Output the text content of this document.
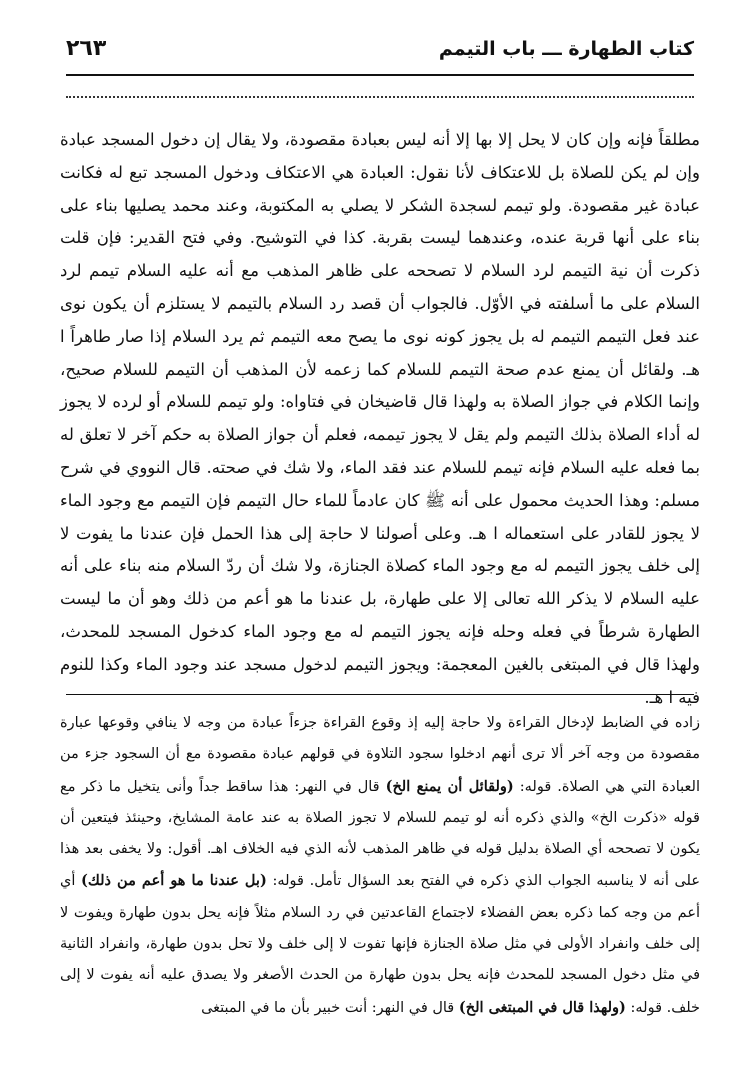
كتاب الطهارة ـــ باب التيمم
٢٦٣

مطلقاً فإنه وإن كان لا يحل إلا بها إلا أنه ليس بعبادة مقصودة، ولا يقال إن دخول المسجد عبادة وإن لم يكن للصلاة بل للاعتكاف لأنا نقول: العبادة هي الاعتكاف ودخول المسجد تبع له فكانت عبادة غير مقصودة. ولو تيمم لسجدة الشكر لا يصلي به المكتوبة، وعند محمد يصليها بناء على بناء على أنها قربة عنده، وعندهما ليست بقربة. كذا في التوشيح. وفي فتح القدير: فإن قلت ذكرت أن نية التيمم لرد السلام لا تصححه على ظاهر المذهب مع أنه عليه السلام تيمم لرد السلام على ما أسلفته في الأوّل. فالجواب أن قصد رد السلام بالتيمم لا يستلزم أن يكون نوى عند فعل التيمم التيمم له بل يجوز كونه نوى ما يصح معه التيمم ثم يرد السلام إذا صار طاهراً ا هـ. ولقائل أن يمنع عدم صحة التيمم للسلام كما زعمه لأن المذهب أن التيمم للسلام صحيح، وإنما الكلام في جواز الصلاة به ولهذا قال قاضيخان في فتاواه: ولو تيمم للسلام أو لرده لا يجوز له أداء الصلاة بذلك التيمم ولم يقل لا يجوز تيممه، فعلم أن جواز الصلاة به حكم آخر لا تعلق له بما فعله عليه السلام فإنه تيمم للسلام عند فقد الماء، ولا شك في صحته. قال النووي في شرح مسلم: وهذا الحديث محمول على أنه ﷺ كان عادماً للماء حال التيمم فإن التيمم مع وجود الماء لا يجوز للقادر على استعماله ا هـ. وعلى أصولنا لا حاجة إلى هذا الحمل فإن عندنا ما يفوت لا إلى خلف يجوز التيمم له مع وجود الماء كصلاة الجنازة، ولا شك أن ردّ السلام منه بناء على أنه عليه السلام لا يذكر الله تعالى إلا على طهارة، بل عندنا ما هو أعم من ذلك وهو أن ما ليست الطهارة شرطاً في فعله وحله فإنه يجوز التيمم له مع وجود الماء كدخول المسجد للمحدث، ولهذا قال في المبتغى بالغين المعجمة: ويجوز التيمم لدخول مسجد عند وجود الماء وكذا للنوم فيه ا هـ.

زاده في الضابط لإدخال القراءة ولا حاجة إليه إذ وقوع القراءة جزءاً عبادة من وجه لا ينافي وقوعها عبارة مقصودة من وجه آخر ألا ترى أنهم ادخلوا سجود التلاوة في قولهم عبادة مقصودة مع أن السجود جزء من العبادة التي هي الصلاة. قوله: (ولقائل أن يمنع الخ) قال في النهر: هذا ساقط جداً وأنى يتخيل ما ذكر مع قوله «ذكرت الخ» والذي ذكره أنه لو تيمم للسلام لا تجوز الصلاة به عند عامة المشايخ، وحينئذ فيتعين أن يكون لا تصححه أي الصلاة بدليل قوله في ظاهر المذهب لأنه الذي فيه الخلاف اهـ. أقول: ولا يخفى بعد هذا على أنه لا يناسبه الجواب الذي ذكره في الفتح بعد السؤال تأمل. قوله: (بل عندنا ما هو أعم من ذلك) أي أعم من وجه كما ذكره بعض الفضلاء لاجتماع القاعدتين في رد السلام مثلاً فإنه يحل بدون طهارة ويفوت لا إلى خلف وانفراد الأولى في مثل صلاة الجنازة فإنها تفوت لا إلى خلف ولا تحل بدون طهارة، وانفراد الثانية في مثل دخول المسجد للمحدث فإنه يحل بدون طهارة من الحدث الأصغر ولا يصدق عليه أنه يفوت لا إلى خلف. قوله: (ولهذا قال في المبتغى الخ) قال في النهر: أنت خبير بأن ما في المبتغى
